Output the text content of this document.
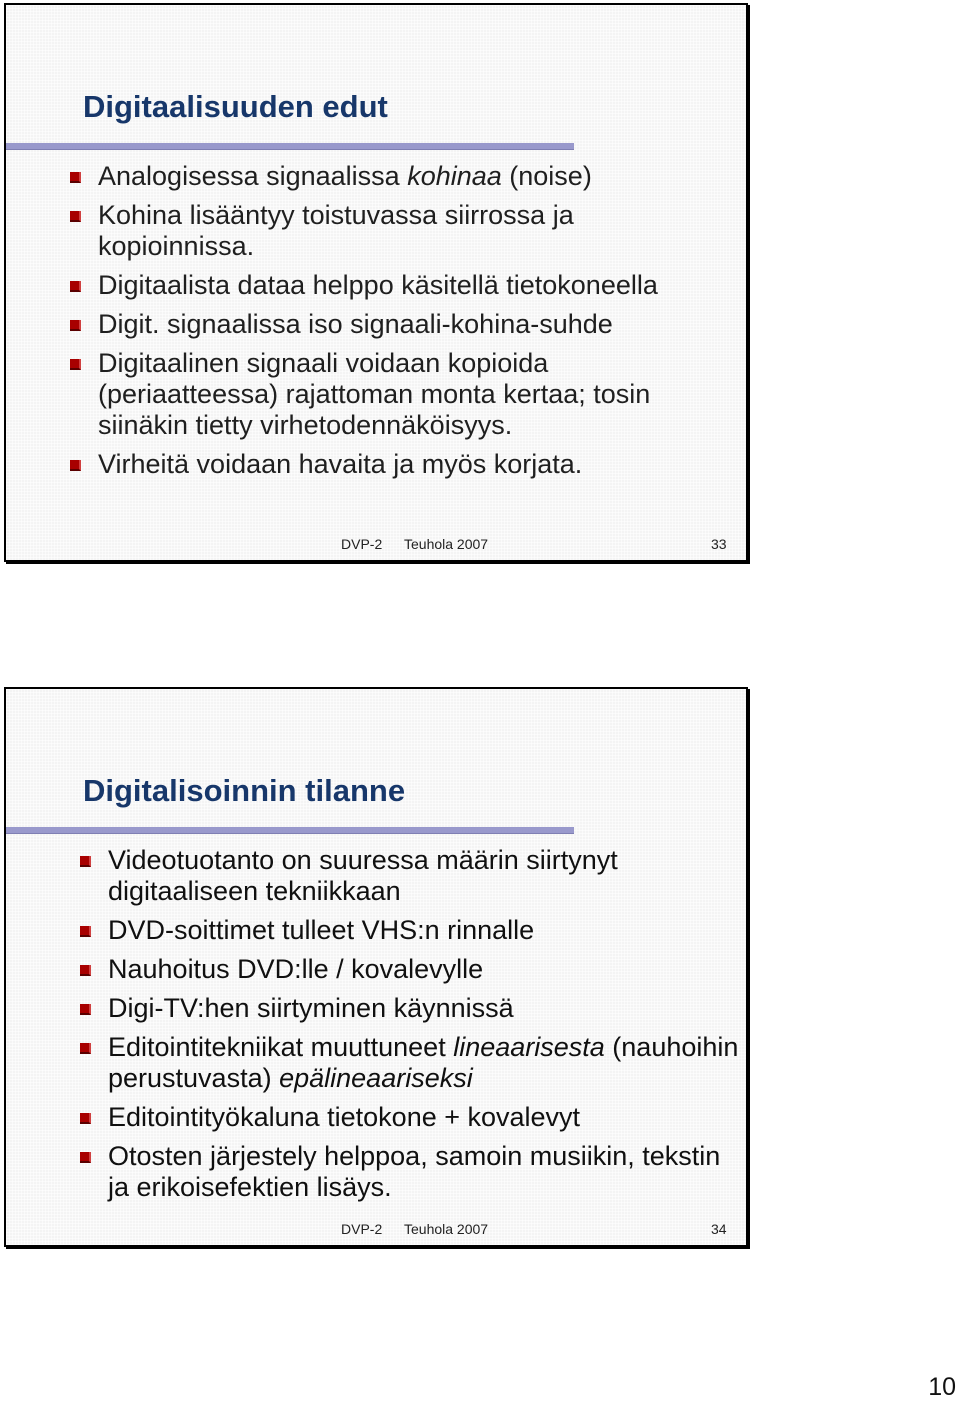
Digitaalisuuden edut
Analogisessa signaalissa kohinaa (noise)
Kohina lisääntyy toistuvassa siirrossa ja kopioinnissa.
Digitaalista dataa helppo käsitellä tietokoneella
Digit. signaalissa iso signaali-kohina-suhde
Digitaalinen signaali voidaan kopioida (periaatteessa) rajattoman monta kertaa; tosin siinäkin tietty virhetodennäköisyys.
Virheitä voidaan havaita ja myös korjata.
DVP-2 Teuhola 2007	33
Digitalisoinnin tilanne
Videotuotanto on suuressa määrin siirtynyt digitaaliseen tekniikkaan
DVD-soittimet tulleet VHS:n rinnalle
Nauhoitus DVD:lle / kovalevylle
Digi-TV:hen siirtyminen käynnissä
Editointitekniikat muuttuneet lineaarisesta (nauhoihin perustuvasta) epälineaariseksi
Editointityökaluna tietokone + kovalevyt
Otosten järjestely helppoa, samoin musiikin, tekstin ja erikoisefektien lisäys.
DVP-2 Teuhola 2007	34
10
